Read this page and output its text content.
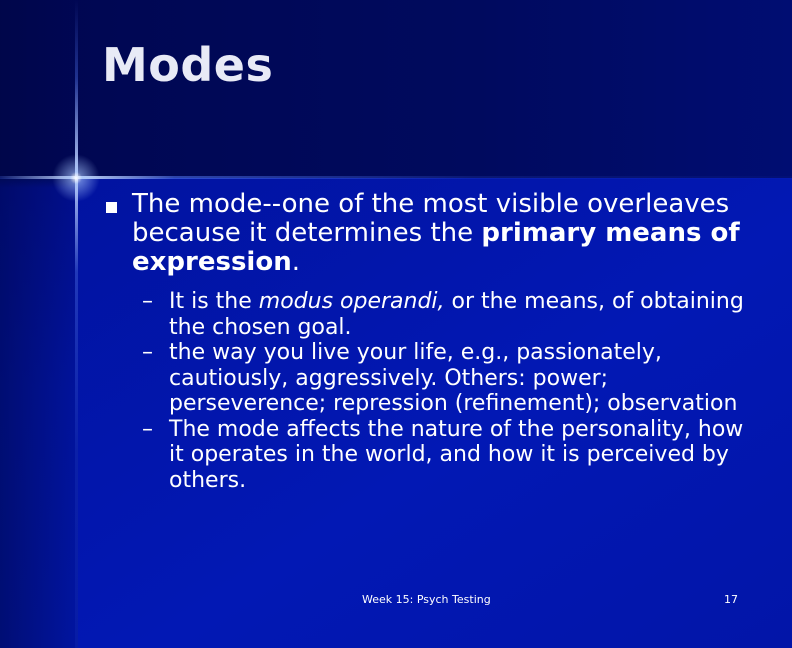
Modes
The mode--one of the most visible overleaves because it determines the primary means of expression.
– It is the modus operandi, or the means, of obtaining the chosen goal.
– the way you live your life, e.g., passionately, cautiously, aggressively. Others: power; perseverence; repression (refinement); observation
– The mode affects the nature of the personality, how it operates in the world, and how it is perceived by others.
Week 15: Psych Testing	17
